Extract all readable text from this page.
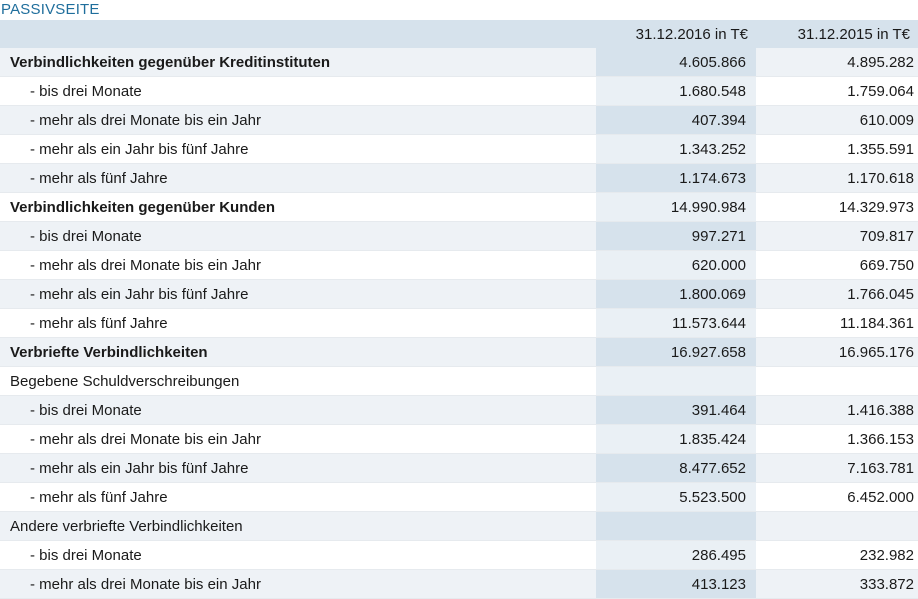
PASSIVSEITE
	31.12.2016 in T€	31.12.2015 in T€
Verbindlichkeiten gegenüber Kreditinstituten	4.605.866	4.895.282
- bis drei Monate	1.680.548	1.759.064
- mehr als drei Monate bis ein Jahr	407.394	610.009
- mehr als ein Jahr bis fünf Jahre	1.343.252	1.355.591
- mehr als fünf Jahre	1.174.673	1.170.618
Verbindlichkeiten gegenüber Kunden	14.990.984	14.329.973
- bis drei Monate	997.271	709.817
- mehr als drei Monate bis ein Jahr	620.000	669.750
- mehr als ein Jahr bis fünf Jahre	1.800.069	1.766.045
- mehr als fünf Jahre	11.573.644	11.184.361
Verbriefte Verbindlichkeiten	16.927.658	16.965.176
Begebene Schuldverschreibungen		
- bis drei Monate	391.464	1.416.388
- mehr als drei Monate bis ein Jahr	1.835.424	1.366.153
- mehr als ein Jahr bis fünf Jahre	8.477.652	7.163.781
- mehr als fünf Jahre	5.523.500	6.452.000
Andere verbriefte Verbindlichkeiten		
- bis drei Monate	286.495	232.982
- mehr als drei Monate bis ein Jahr	413.123	333.872
